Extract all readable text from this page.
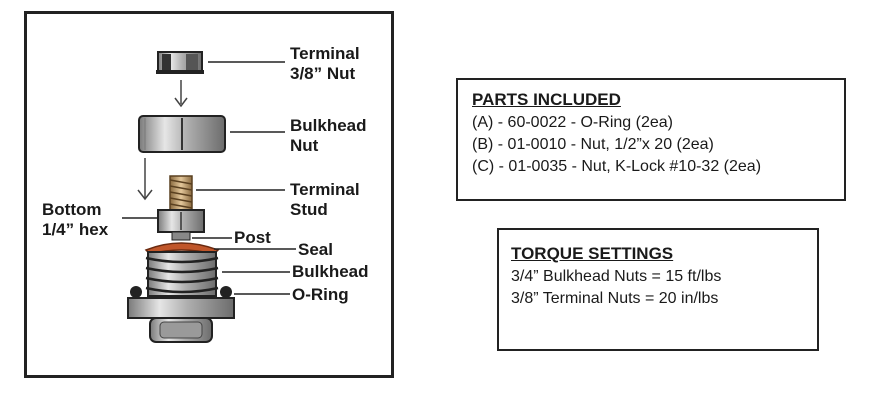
Terminal
3/8” Nut
Bulkhead
Nut
Terminal
Stud
Bottom
1/4” hex	Post
Seal
Bulkhead
O-Ring
PARTS INCLUDED
(A) - 60-0022 - O-Ring (2ea)
(B) - 01-0010 - Nut, 1/2”x 20 (2ea)
(C) - 01-0035 - Nut, K-Lock #10-32 (2ea)
TORQUE SETTINGS
3/4” Bulkhead Nuts = 15 ft/lbs
3/8” Terminal Nuts = 20 in/lbs
